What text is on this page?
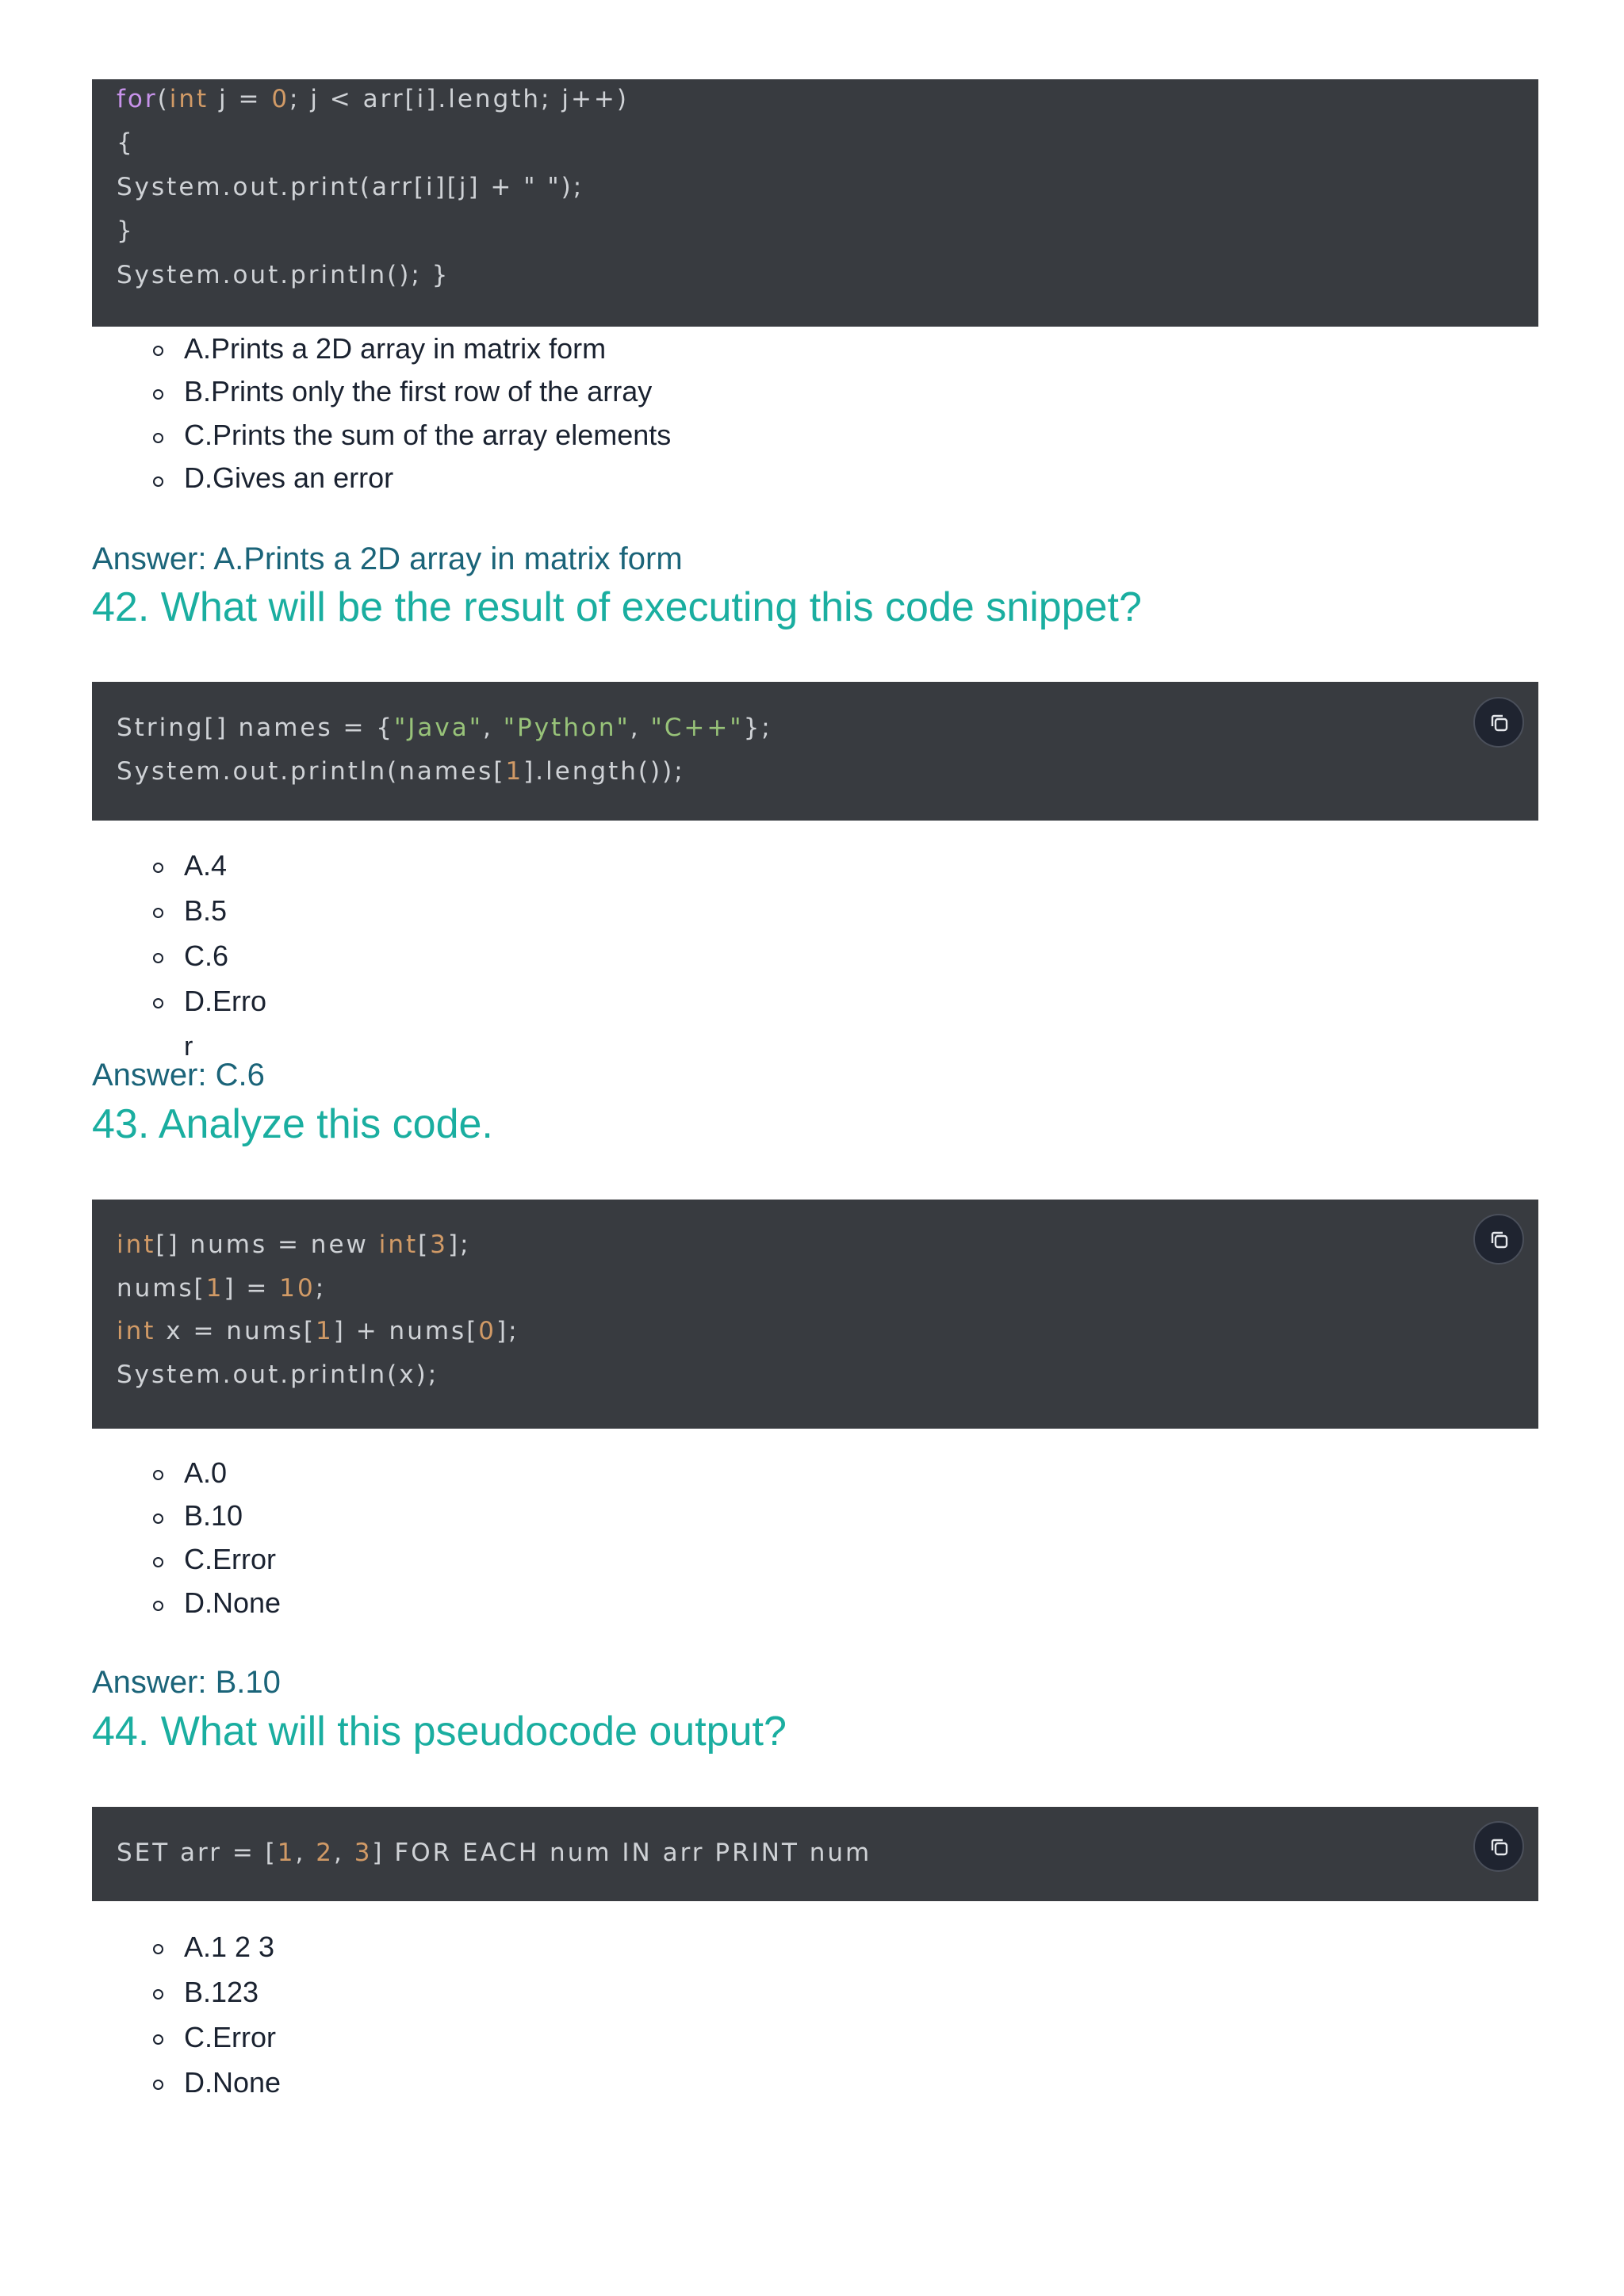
for(int j = 0; j < arr[i].length; j++)
{
System.out.print(arr[i][j] + " ");
}
System.out.println(); }
A.Prints a 2D array in matrix form
B.Prints only the first row of the array
C.Prints the sum of the array elements
D.Gives an error
Answer: A.Prints a 2D array in matrix form
42. What will be the result of executing this code snippet?
String[] names = {"Java", "Python", "C++"};
System.out.println(names[1].length());
A.4
B.5
C.6
D.Erro
r
Answer: C.6
43. Analyze this code.
int[] nums = new int[3];
nums[1] = 10;
int x = nums[1] + nums[0];
System.out.println(x);
A.0
B.10
C.Error
D.None
Answer: B.10
44. What will this pseudocode output?
SET arr = [1, 2, 3] FOR EACH num IN arr PRINT num
A.1 2 3
B.123
C.Error
D.None
